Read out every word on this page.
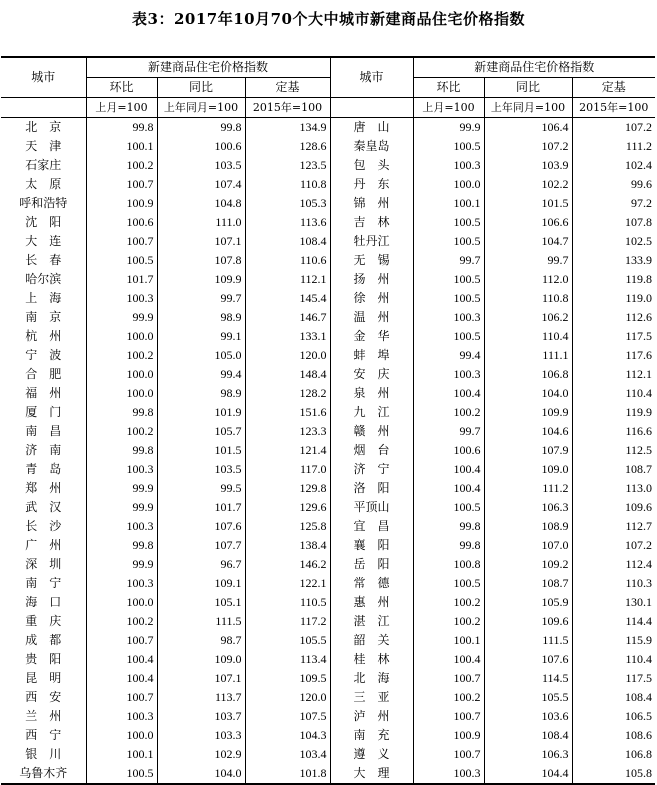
表3：2017年10月70个大中城市新建商品住宅价格指数
城市	新建商品住宅价格指数			城市	新建商品住宅价格指数		
	环比	同比	定基		环比	同比	定基
	上月=100	上年同月=100	2015年=100		上月=100	上年同月=100	2015年=100
北　京	99.8	99.8	134.9	唐　山	99.9	106.4	107.2
天　津	100.1	100.6	128.6	秦皇岛	100.5	107.2	111.2
石家庄	100.2	103.5	123.5	包　头	100.3	103.9	102.4
太　原	100.7	107.4	110.8	丹　东	100.0	102.2	99.6
呼和浩特	100.9	104.8	105.3	锦　州	100.1	101.5	97.2
沈　阳	100.6	111.0	113.6	吉　林	100.5	106.6	107.8
大　连	100.7	107.1	108.4	牡丹江	100.5	104.7	102.5
长　春	100.5	107.8	110.6	无　锡	99.7	99.7	133.9
哈尔滨	101.7	109.9	112.1	扬　州	100.5	112.0	119.8
上　海	100.3	99.7	145.4	徐　州	100.5	110.8	119.0
南　京	99.9	98.9	146.7	温　州	100.3	106.2	112.6
杭　州	100.0	99.1	133.1	金　华	100.5	110.4	117.5
宁　波	100.2	105.0	120.0	蚌　埠	99.4	111.1	117.6
合　肥	100.0	99.4	148.4	安　庆	100.3	106.8	112.1
福　州	100.0	98.9	128.2	泉　州	100.4	104.0	110.4
厦　门	99.8	101.9	151.6	九　江	100.2	109.9	119.9
南　昌	100.2	105.7	123.3	赣　州	99.7	104.6	116.6
济　南	99.8	101.5	121.4	烟　台	100.6	107.9	112.5
青　岛	100.3	103.5	117.0	济　宁	100.4	109.0	108.7
郑　州	99.9	99.5	129.8	洛　阳	100.4	111.2	113.0
武　汉	99.9	101.7	129.6	平顶山	100.5	106.3	109.6
长　沙	100.3	107.6	125.8	宜　昌	99.8	108.9	112.7
广　州	99.8	107.7	138.4	襄　阳	99.8	107.0	107.2
深　圳	99.9	96.7	146.2	岳　阳	100.8	109.2	112.4
南　宁	100.3	109.1	122.1	常　德	100.5	108.7	110.3
海　口	100.0	105.1	110.5	惠　州	100.2	105.9	130.1
重　庆	100.2	111.5	117.2	湛　江	100.2	109.6	114.4
成　都	100.7	98.7	105.5	韶　关	100.1	111.5	115.9
贵　阳	100.4	109.0	113.4	桂　林	100.4	107.6	110.4
昆　明	100.4	107.1	109.5	北　海	100.7	114.5	117.5
西　安	100.7	113.7	120.0	三　亚	100.2	105.5	108.4
兰　州	100.3	103.7	107.5	泸　州	100.7	103.6	106.5
西　宁	100.0	103.3	104.3	南　充	100.9	108.4	108.6
银　川	100.1	102.9	103.4	遵　义	100.7	106.3	106.8
乌鲁木齐	100.5	104.0	101.8	大　理	100.3	104.4	105.8
